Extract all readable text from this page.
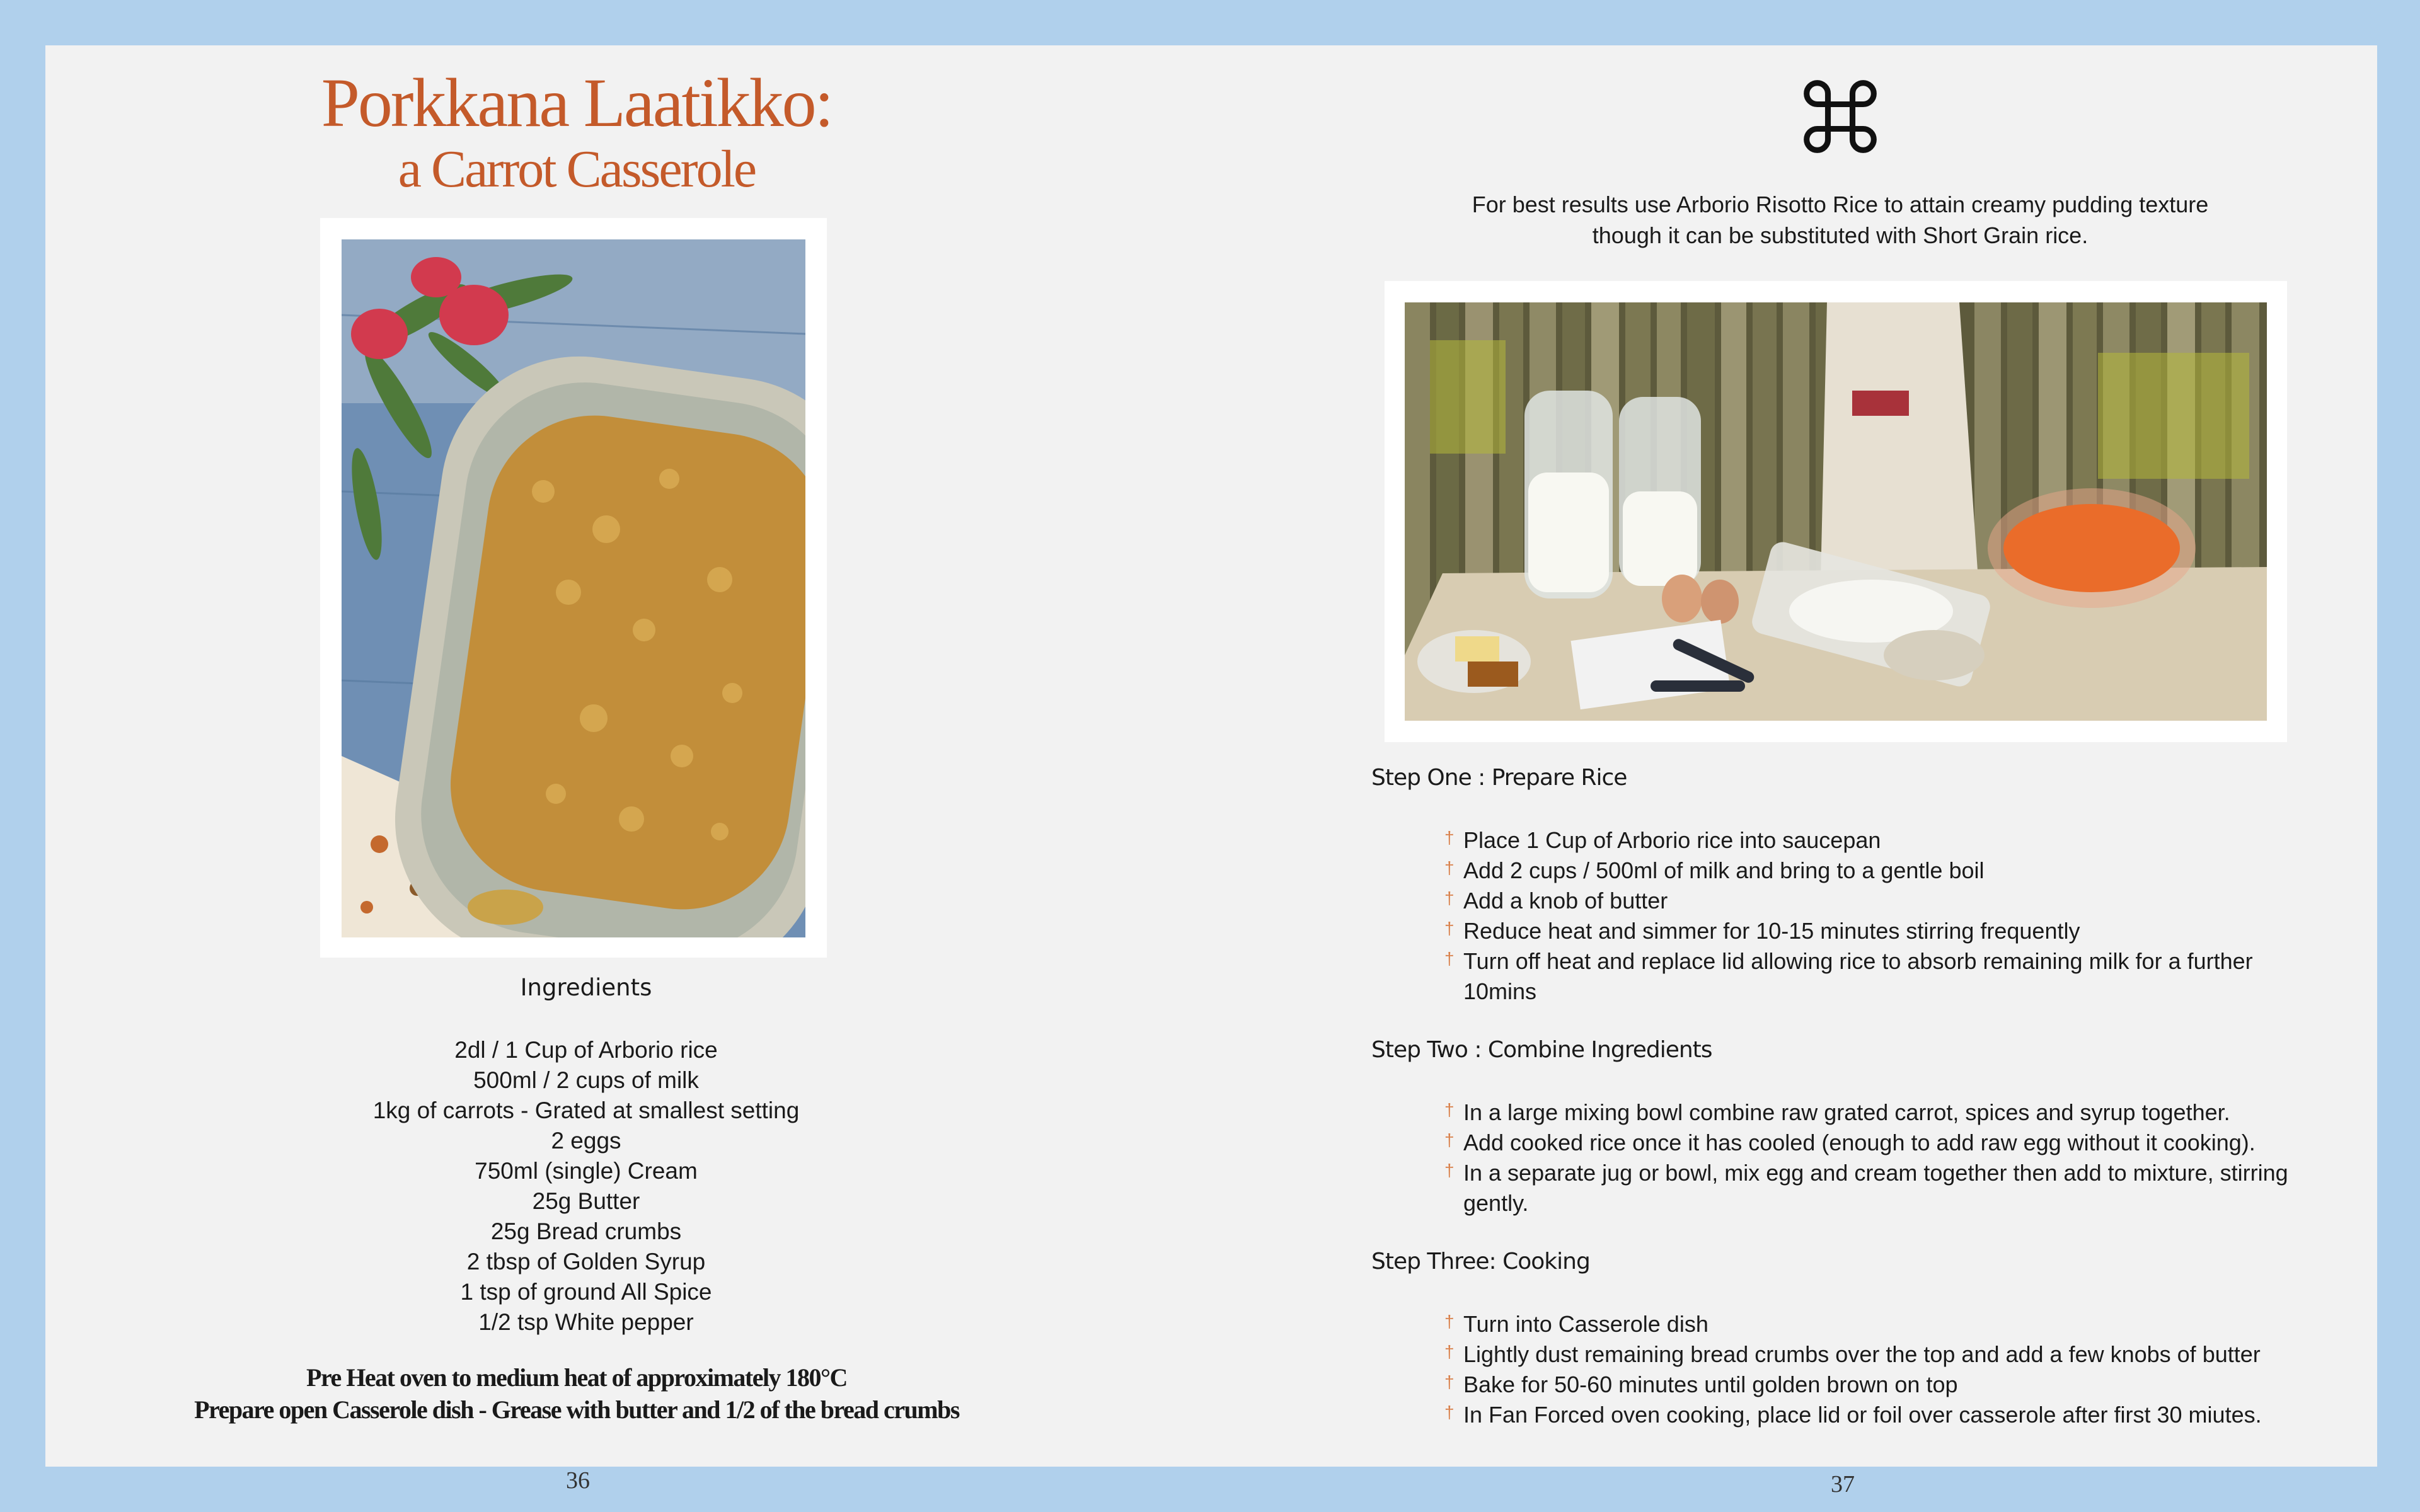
Porkkana Laatikko:
a Carrot Casserole
Ingredients
2dl / 1 Cup of Arborio rice
500ml / 2 cups of milk
1kg of carrots - Grated at smallest setting
2 eggs
750ml (single) Cream
25g Butter
25g Bread crumbs
2 tbsp of Golden Syrup
1 tsp of ground All Spice
1/2 tsp White pepper
Pre Heat oven to medium heat of approximately 180°C
Prepare open Casserole dish - Grease with butter and 1/2 of the bread crumbs
36
For best results use Arborio Risotto Rice to attain creamy pudding texture
though it can be substituted with Short Grain rice.
Step One : Prepare Rice
† Place 1 Cup of Arborio rice into saucepan
† Add 2 cups / 500ml of milk and bring to a gentle boil
† Add a knob of butter
† Reduce heat and simmer for 10-15 minutes stirring frequently
† Turn off heat and replace lid allowing rice to absorb remaining milk for a further 10mins
Step Two : Combine Ingredients
† In a large mixing bowl combine raw grated carrot, spices and syrup together.
† Add cooked rice once it has cooled (enough to add raw egg without it cooking).
† In a separate jug or bowl, mix egg and cream together then add to mixture, stirring gently.
Step Three: Cooking
† Turn into Casserole dish
† Lightly dust remaining bread crumbs over the top and add a few knobs of butter
† Bake for 50-60 minutes until golden brown on top
† In Fan Forced oven cooking, place lid or foil over casserole after first 30 miutes.
37
